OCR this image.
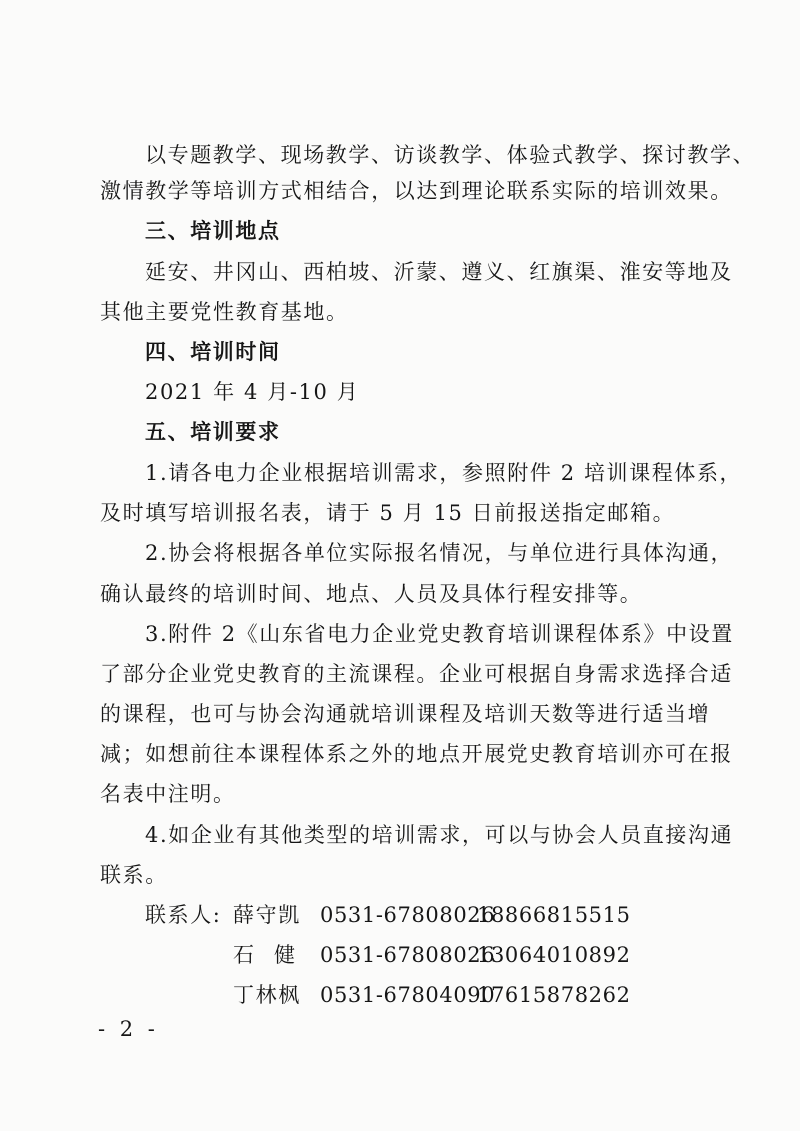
以专题教学、现场教学、访谈教学、体验式教学、探讨教学、
激情教学等培训方式相结合，以达到理论联系实际的培训效果。
三、培训地点
延安、井冈山、西柏坡、沂蒙、遵义、红旗渠、淮安等地及
其他主要党性教育基地。
四、培训时间
2021 年 4 月-10 月
五、培训要求
1.请各电力企业根据培训需求，参照附件 2 培训课程体系，
及时填写培训报名表，请于 5 月 15 日前报送指定邮箱。
2.协会将根据各单位实际报名情况，与单位进行具体沟通，
确认最终的培训时间、地点、人员及具体行程安排等。
3.附件 2《山东省电力企业党史教育培训课程体系》中设置
了部分企业党史教育的主流课程。企业可根据自身需求选择合适
的课程，也可与协会沟通就培训课程及培训天数等进行适当增
减；如想前往本课程体系之外的地点开展党史教育培训亦可在报
名表中注明。
4.如企业有其他类型的培训需求，可以与协会人员直接沟通
联系。
联系人: 薛守凯 0531-67808026
18866815515
石健 0531-67808026
13064010892
丁林枫 0531-67804090
17615878262
- 2 -
